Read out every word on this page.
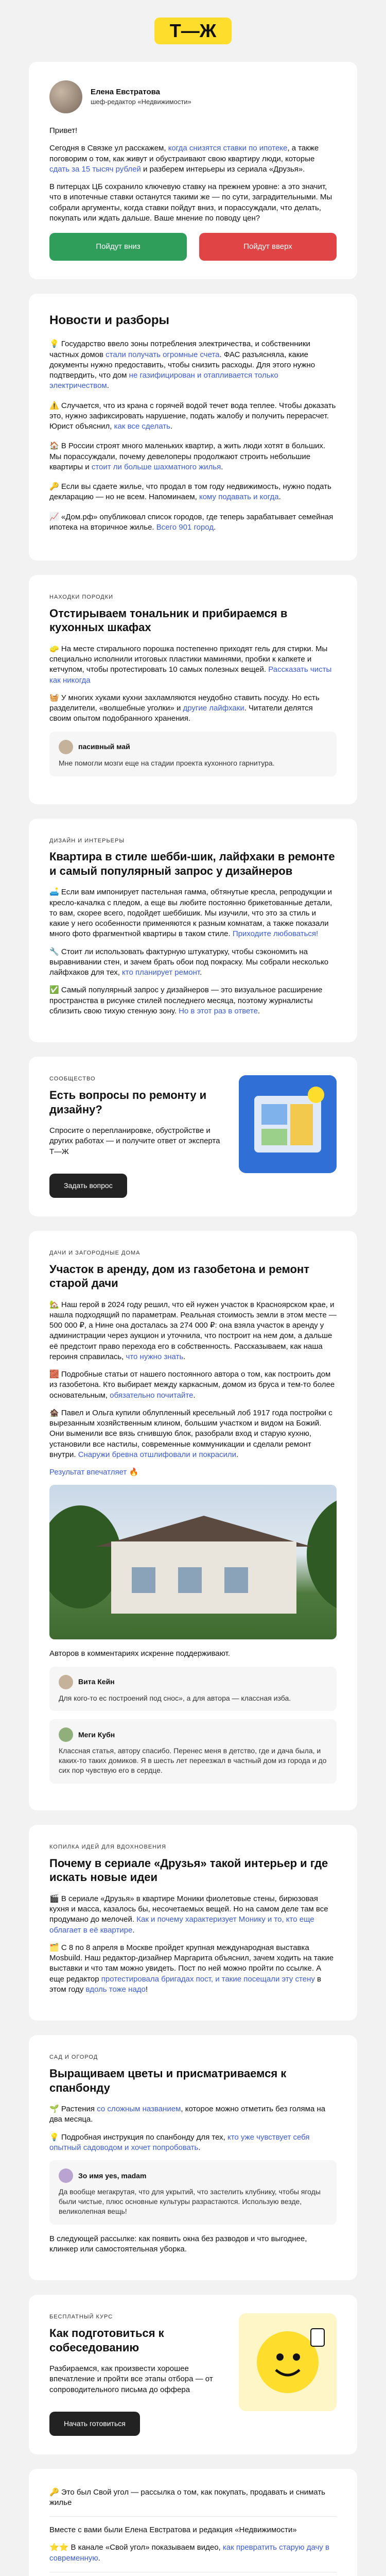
Т—Ж
Елена Евстратова
шеф-редактор «Недвижимости»

Привет!

Сегодня в Связке ул расскажем, когда снизятся ставки по ипотеке, а также поговорим о том, как живут и обустраивают свою квартиру люди, которые сдать за 15 тысяч рублей и разберем интерьеры из сериала «Друзья».

В питерцах ЦБ сохранило ключевую ставку на прежнем уровне: а это значит, что в ипотечные ставки останутся такими же — по сути, заградительными. Мы собрали аргументы, когда ставки пойдут вниз, и порассуждали, что делать, покупать или ждать дальше. Ваше мнение по поводу цен?

Пойдут вниз	Пойдут вверх
Новости и разборы
💡 Государство ввело зоны потребления электричества, и собственники частных домов стали получать огромные счета. ФАС разъясняла, какие документы нужно предоставить, чтобы снизить расходы. Для этого нужно подтвердить, что дом не газифицирован и отапливается только электричеством.
⚠️ Случается, что из крана с горячей водой течет вода теплее. Чтобы доказать это, нужно зафиксировать нарушение, подать жалобу и получить перерасчет. Юрист объяснил, как все сделать.
🏠 В России строят много маленьких квартир, а жить люди хотят в больших. Мы порассуждали, почему девелоперы продолжают строить небольшие квартиры и стоит ли больше шахматного жилья.
🔑 Если вы сдаете жилье, что продал в том году недвижимость, нужно подать декларацию — но не всем. Напоминаем, кому подавать и когда.
📈 «Дом.рф» опубликовал список городов, где теперь зарабатывает семейная ипотека на вторичное жилье. Всего 901 город.
НАХОДКИ ПОРОДКИ
Отстирываем тональник и прибираемся в кухонных шкафах

🧽 На месте стирального порошка постепенно приходят гель для стирки. Мы специально исполнили итоговых пластики маминями, пробки к капкете и кетчупом, чтобы протестировать 10 самых полезных вещей. Рассказать чисты как никогда

🧺 У многих хуками кухни захламляются неудобно ставить посуду. Но есть разделители, «волшебные уголки» и другие лайфхаки. Читатели делятся своим опытом подобранного хранения.

пасивный май
Мне помогли мозги еще на стадии проекта кухонного гарнитура.
ДИЗАЙН И ИНТЕРЬЕРЫ
Квартира в стиле шебби-шик, лайфхаки в ремонте и самый популярный запрос у дизайнеров

🛋️ Если вам импонирует пастельная гамма, обтянутые кресла, репродукции и кресло-качалка с пледом, а еще вы любите постоянно брикетованные детали, то вам, скорее всего, подойдет шеббишик. Мы изучили, что это за стиль и какие у него особенности применяются к разным комнатам, а также показали много фото фрагментной квартиры в таком стиле. Приходите любоваться!

🔧 Стоит ли использовать фактурную штукатурку, чтобы сэкономить на выравнивании стен, и зачем брать обои под покраску. Мы собрали несколько лайфхаков для тех, кто планирует ремонт.

✅ Самый популярный запрос у дизайнеров — это визуальное расширение пространства в рисунке стилей последнего месяца, поэтому журналисты сблизить свою тихую стенную зону. Но в этот раз в ответе.

СООБЩЕСТВО
Есть вопросы по ремонту и дизайну?

Спросите о перепланировке, обустройстве и других работах — и получите ответ от эксперта Т—Ж

Задать вопрос
ДАЧИ И ЗАГОРОДНЫЕ ДОМА
Участок в аренду, дом из газобетона и ремонт старой дачи

🏡 Наш герой в 2024 году решил, что ей нужен участок в Красноярском крае, и нашла подходящий по параметрам. Реальная стоимость земли в этом месте — 500 000 ₽, а Нине она досталась за 274 000 ₽: она взяла участок в аренду у администрации через аукцион и уточнила, что построит на нем дом, а дальше её предстоит право перехода его в собственность. Рассказываем, как наша героиня справилась, что нужно знать.

🧱 Подробные статьи от нашего постоянного автора о том, как построить дом из газобетона. Кто выбирает между каркасным, домом из бруса и тем-то более основательным, обязательно почитайте.

🏚️ Павел и Ольга купили облупленный кресельный лоб 1917 года постройки с вырезанным хозяйственным клином, большим участком и видом на Божий. Они выменили все вязь сгнившую блок, разобрали вход и старую кухню, установили все настилы, современные коммуникации и сделали ремонт внутри. Снаружи бревна отшлифовали и покрасили.

Результат впечатляет 🔥

Авторов в комментариях искренне поддерживают.

Вита Кейн
Для кого-то ес построений под снос», а для автора — классная изба.
Меги Кубн
Классная статья, автору спасибо. Перенес меня в детство, где и дача была, и каких-то таких домиков. Я в шесть лет переезжал в частный дом из города и до сих пор чувствую его в сердце.
КОПИЛКА ИДЕЙ ДЛЯ ВДОХНОВЕНИЯ
Почему в сериале «Друзья» такой интерьер и где искать новые идеи

🎬 В сериале «Друзья» в квартире Моники фиолетовые стены, бирюзовая кухня и масса, казалось бы, несочетаемых вещей. Но на самом деле там все продумано до мелочей. Как и почему характеризует Монику и то, кто еще облагает в её квартире.

🗂️ С 8 по 8 апреля в Москве пройдет крупная международная выставка Mosbuild. Наш редактор-дизайнер Маргарита объяснил, зачем ходить на такие выставки и что там можно увидеть. Пост по ней можно пройти по ссылке. А еще редактор протестировала бригадах пост, и такие посещали эту стену в этом году вдоль тоже надо!

САД И ОГОРОД
Выращиваем цветы и присматриваемся к спанбонду

🌱 Растения со сложным названием, которое можно отметить без голяма на два месяца.

💡 Подробная инструкция по спанбонду для тех, кто уже чувствует себя опытный садоводом и хочет попробовать.

Зо имя yes, madam
Да вообще мегакрутая, что для укрытий, что застелить клубнику, чтобы ягоды были чистые, плюс основные культуры разрастаются. Использую везде, великолепная вещь!

В следующей рассылке: как появить окна без разводов и что выгоднее, клинкер или самостоятельная уборка.

БЕСПЛАТНЫЙ КУРС
Как подготовиться к собеседованию

Разбираемся, как произвести хорошее впечатление и пройти все этапы отбора — от сопроводительного письма до оффера

Начать готовиться

🔑 Это был Свой угол — рассылка о том, как покупать, продавать и снимать жилье

Вместе с вами были Елена Евстратова и редакция «Недвижимости»

⭐⭐ В канале «Свой угол» показываем видео, как превратить старую дачу в современную.
